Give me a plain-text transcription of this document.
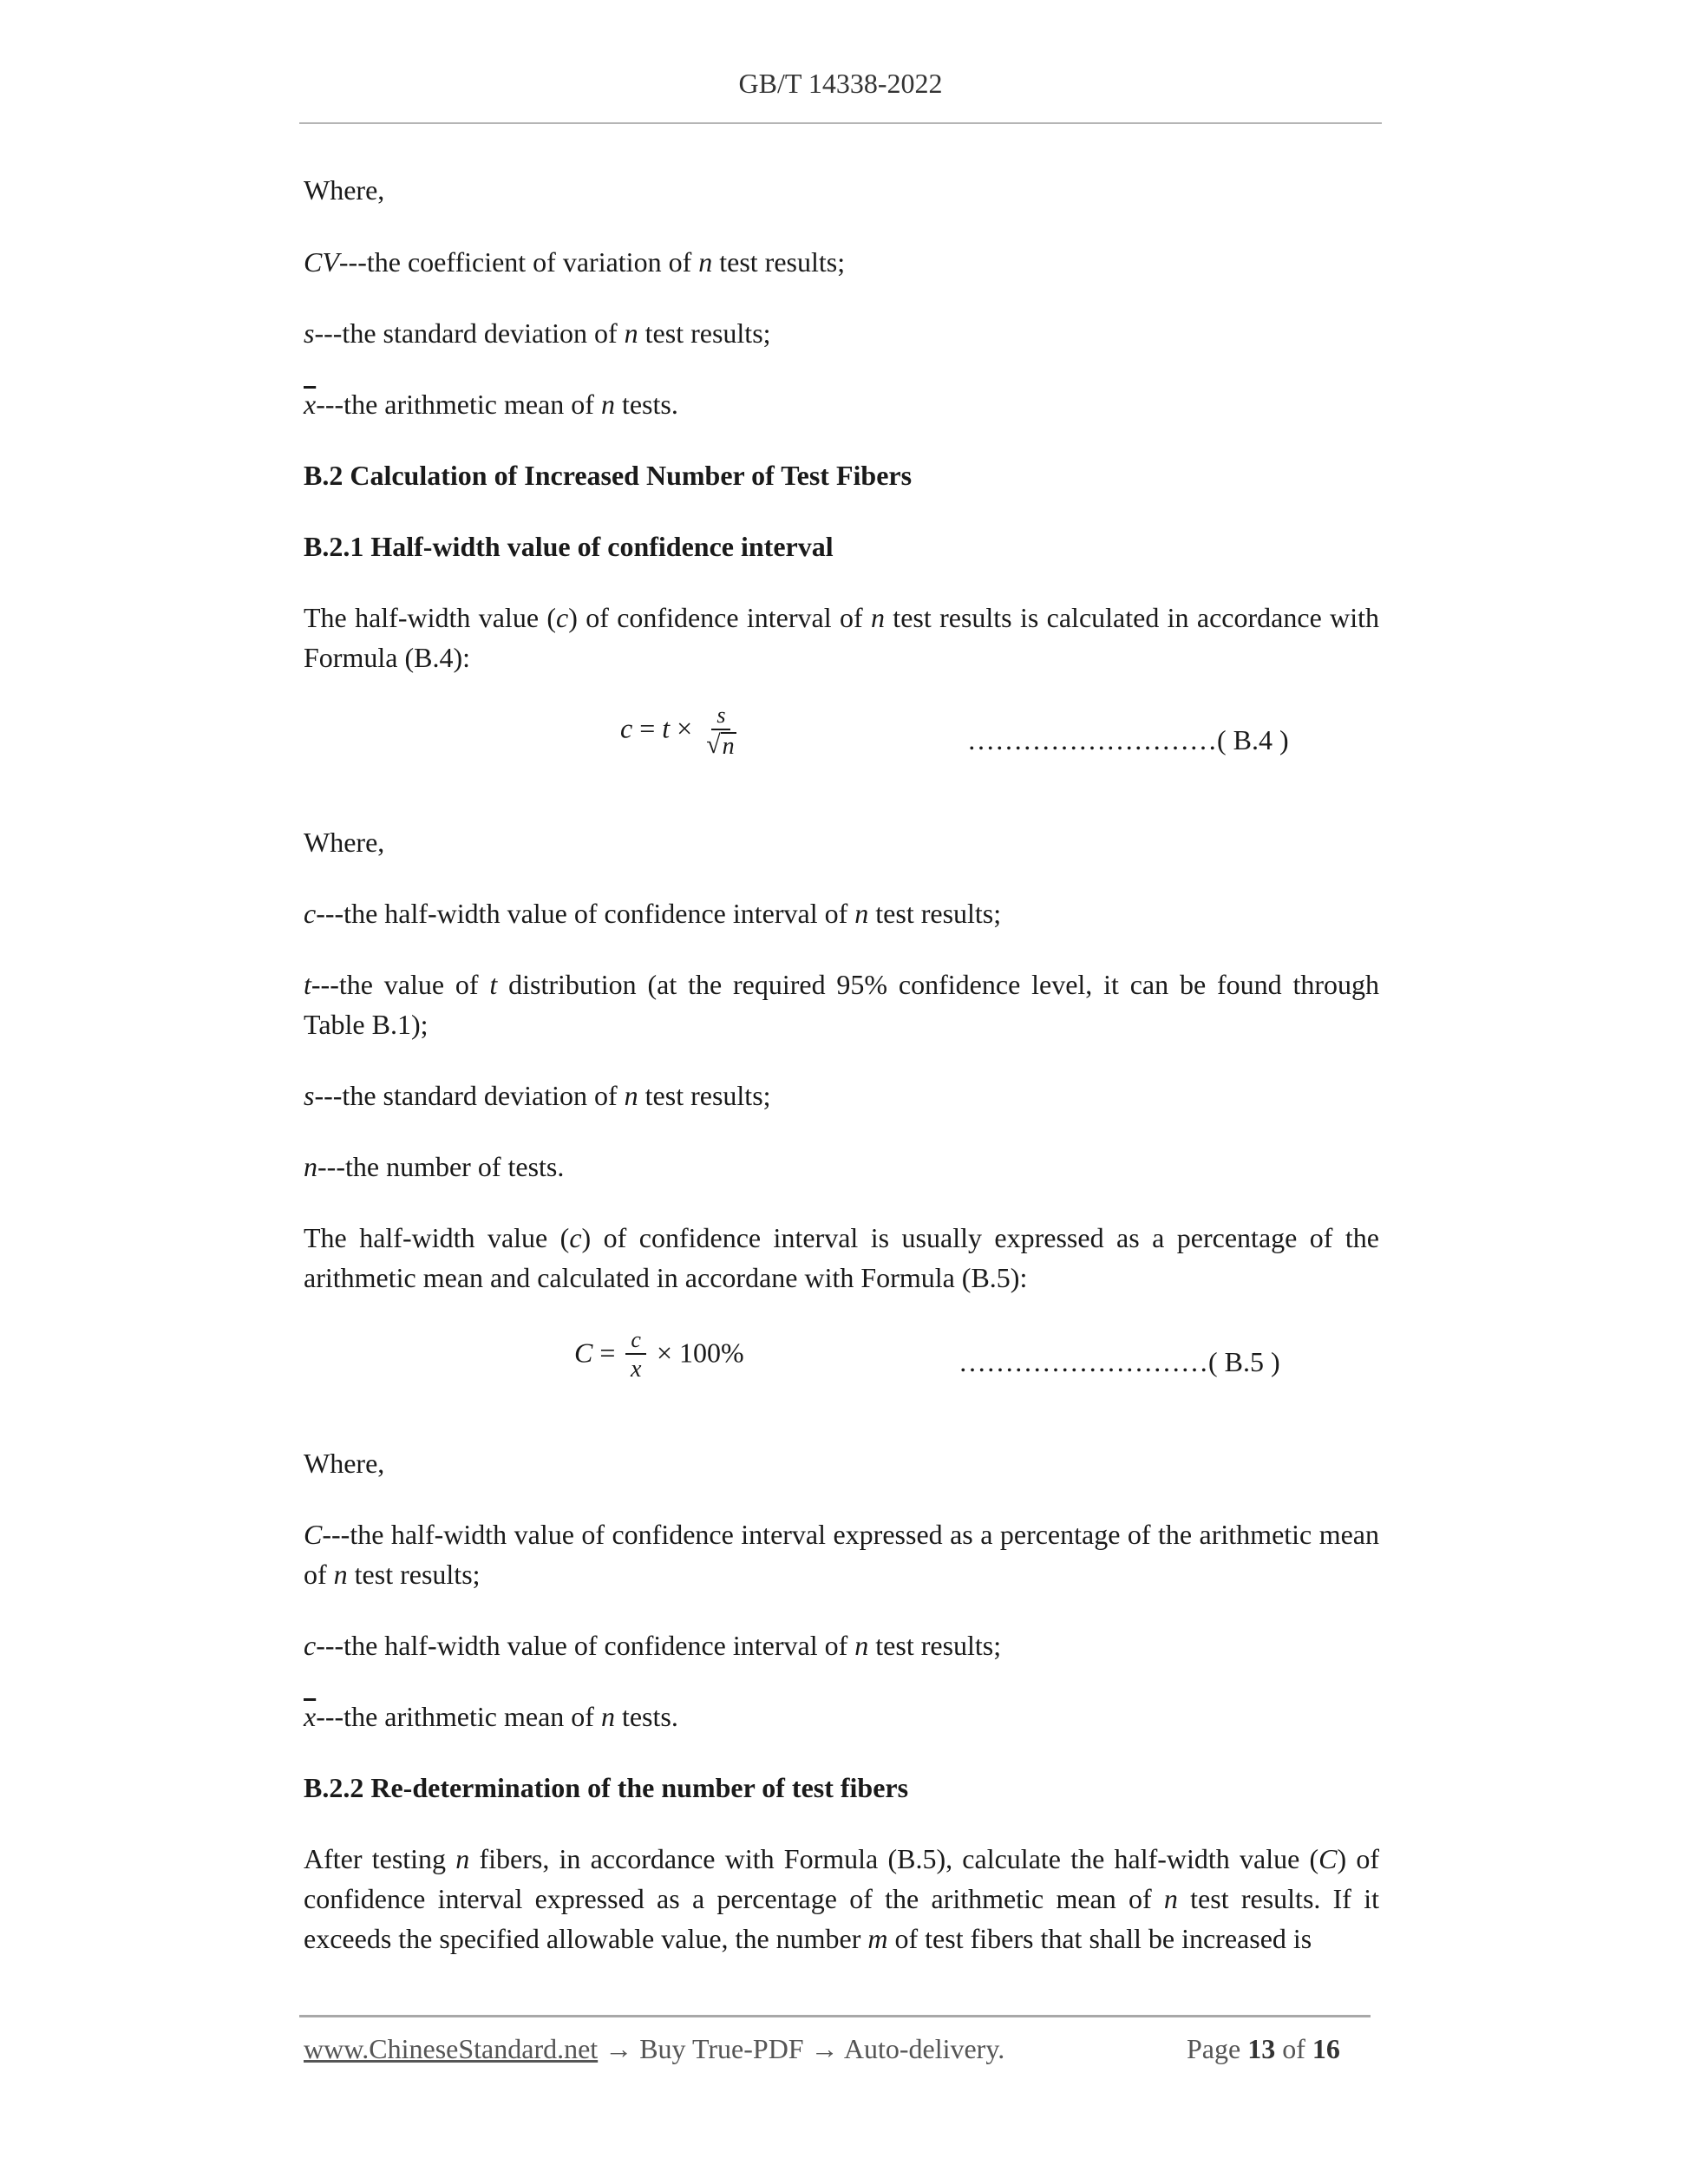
GB/T 14338-2022
Where,
CV---the coefficient of variation of n test results;
s---the standard deviation of n test results;
$\overline{x}--$-the arithmetic mean of n tests.
B.2 Calculation of Increased Number of Test Fibers
B.2.1 Half-width value of confidence interval
The half-width value (c) of confidence interval of n test results is calculated in accordance with Formula (B.4):
$c = t \times \frac{s}{√ n}$	………………………( B.4 )
Where,
c---the half-width value of confidence interval of n test results;
t---the value of t distribution (at the required 95% confidence level, it can be found through Table B.1);
s---the standard deviation of n test results;
n---the number of tests.
The half-width value (c) of confidence interval is usually expressed as a percentage of the arithmetic mean and calculated in accordane with Formula (B.5):
$C = \frac{c}{x} \times 100\%$	………………………( B.5 )
Where,
C---the half-width value of confidence interval expressed as a percentage of the arithmetic mean of n test results;
c---the half-width value of confidence interval of n test results;
$\overline{x}--$-the arithmetic mean of n tests.
B.2.2 Re-determination of the number of test fibers
After testing n fibers, in accordance with Formula (B.5), calculate the half-width value (C) of confidence interval expressed as a percentage of the arithmetic mean of n test results. If it exceeds the specified allowable value, the number m of test fibers that shall be increased is
www.ChineseStandard.net → Buy True-PDF → Auto-delivery.	Page 13 of 16
